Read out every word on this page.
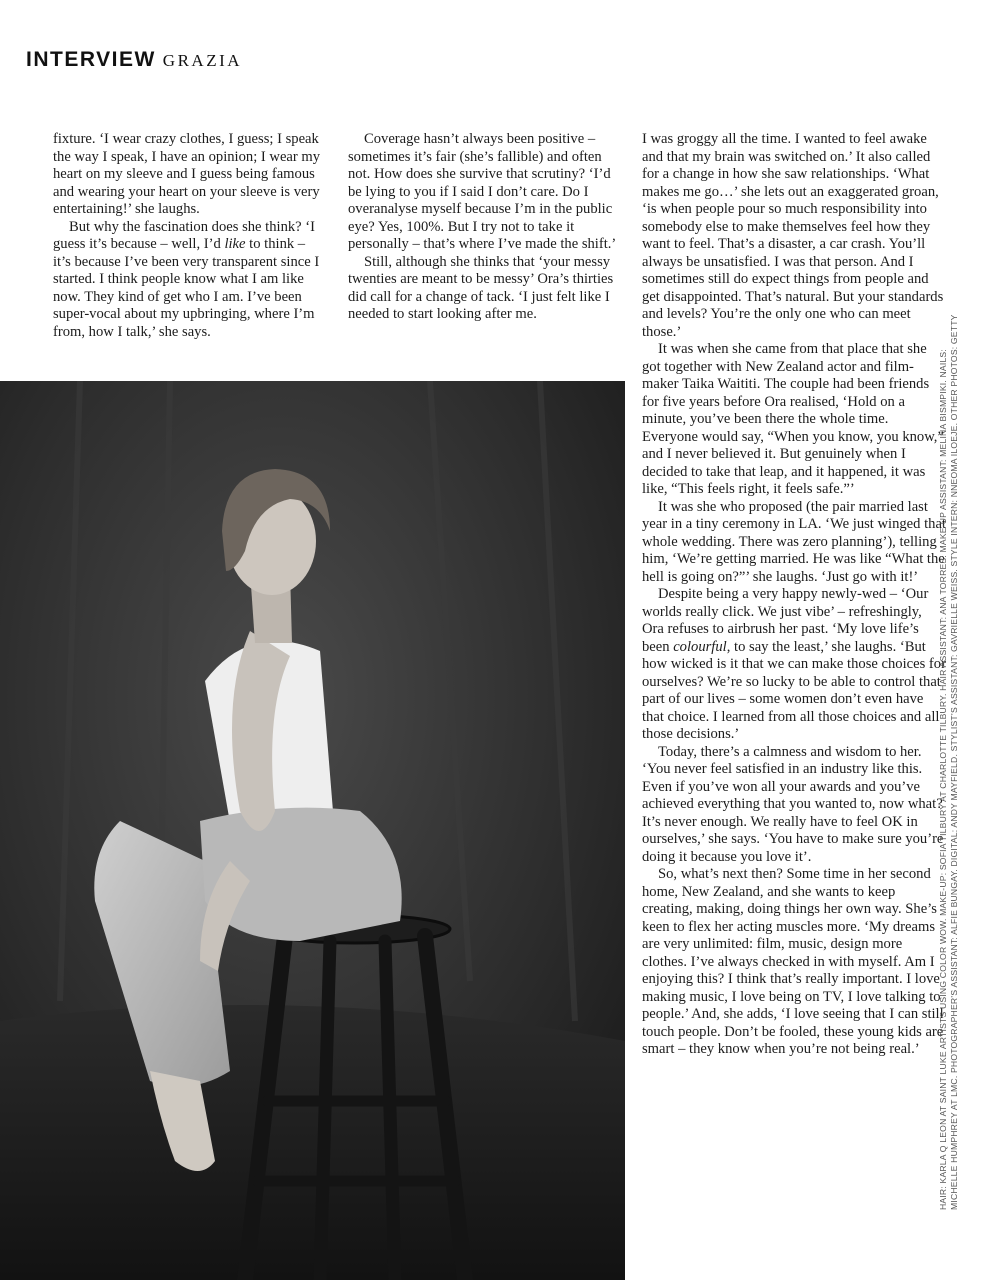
INTERVIEW GRAZIA

fixture. ‘I wear crazy clothes, I guess; I speak the way I speak, I have an opinion; I wear my heart on my sleeve and I guess being famous and wearing your heart on your sleeve is very entertaining!’ she laughs.

But why the fascination does she think? ‘I guess it’s because – well, I’d like to think – it’s because I’ve been very transparent since I started. I think people know what I am like now. They kind of get who I am. I’ve been super-vocal about my upbringing, where I’m from, how I talk,’ she says.

Coverage hasn’t always been positive – sometimes it’s fair (she’s fallible) and often not. How does she survive that scrutiny? ‘I’d be lying to you if I said I don’t care. Do I overanalyse myself because I’m in the public eye? Yes, 100%. But I try not to take it personally – that’s where I’ve made the shift.’

Still, although she thinks that ‘your messy twenties are meant to be messy’ Ora’s thirties did call for a change of tack. ‘I just felt like I needed to start looking after me.

I was groggy all the time. I wanted to feel awake and that my brain was switched on.’ It also called for a change in how she saw relationships. ‘What makes me go…’ she lets out an exaggerated groan, ‘is when people pour so much responsibility into somebody else to make themselves feel how they want to feel. That’s a disaster, a car crash. You’ll always be unsatisfied. I was that person. And I sometimes still do expect things from people and get disappointed. That’s natural. But your standards and levels? You’re the only one who can meet those.’

It was when she came from that place that she got together with New Zealand actor and film-maker Taika Waititi. The couple had been friends for five years before Ora realised, ‘Hold on a minute, you’ve been there the whole time. Everyone would say, “When you know, you know,” and I never believed it. But genuinely when I decided to take that leap, and it happened, it was like, “This feels right, it feels safe.”’

It was she who proposed (the pair married last year in a tiny ceremony in LA. ‘We just winged that whole wedding. There was zero planning’), telling him, ‘We’re getting married. He was like “What the hell is going on?”’ she laughs. ‘Just go with it!’

Despite being a very happy newly-wed – ‘Our worlds really click. We just vibe’ – refreshingly, Ora refuses to airbrush her past. ‘My love life’s been colourful, to say the least,’ she laughs. ‘But how wicked is it that we can make those choices for ourselves? We’re so lucky to be able to control that part of our lives – some women don’t even have that choice. I learned from all those choices and all those decisions.’

Today, there’s a calmness and wisdom to her. ‘You never feel satisfied in an industry like this. Even if you’ve won all your awards and you’ve achieved everything that you wanted to, now what? It’s never enough. We really have to feel OK in ourselves,’ she says. ‘You have to make sure you’re doing it because you love it’.

So, what’s next then? Some time in her second home, New Zealand, and she wants to keep creating, making, doing things her own way. She’s keen to flex her acting muscles more. ‘My dreams are very unlimited: film, music, design more clothes. I’ve always checked in with myself. Am I enjoying this? I think that’s really important. I love making music, I love being on TV, I love talking to people.’ And, she adds, ‘I love seeing that I can still touch people. Don’t be fooled, these young kids are smart – they know when you’re not being real.’	HAIR: KARLA Q LEON AT SAINT LUKE ARTISTS USING COLOR WOW. MAKE-UP: SOFIA TILBURY AT CHARLOTTE TILBURY. HAIR ASSISTANT: ANA TORRES. MAKE-UP ASSISTANT: MELINA BISMPIKI. NAILS: MICHELLE HUMPHREY AT LMC. PHOTOGRAPHER’S ASSISTANT: ALFIE BUNGAY. DIGITAL: ANDY MAYFIELD. STYLIST’S ASSISTANT: GAVRIELLE WEISS. STYLE INTERN: NNEOMA ILOEJE. OTHER PHOTOS: GETTY
